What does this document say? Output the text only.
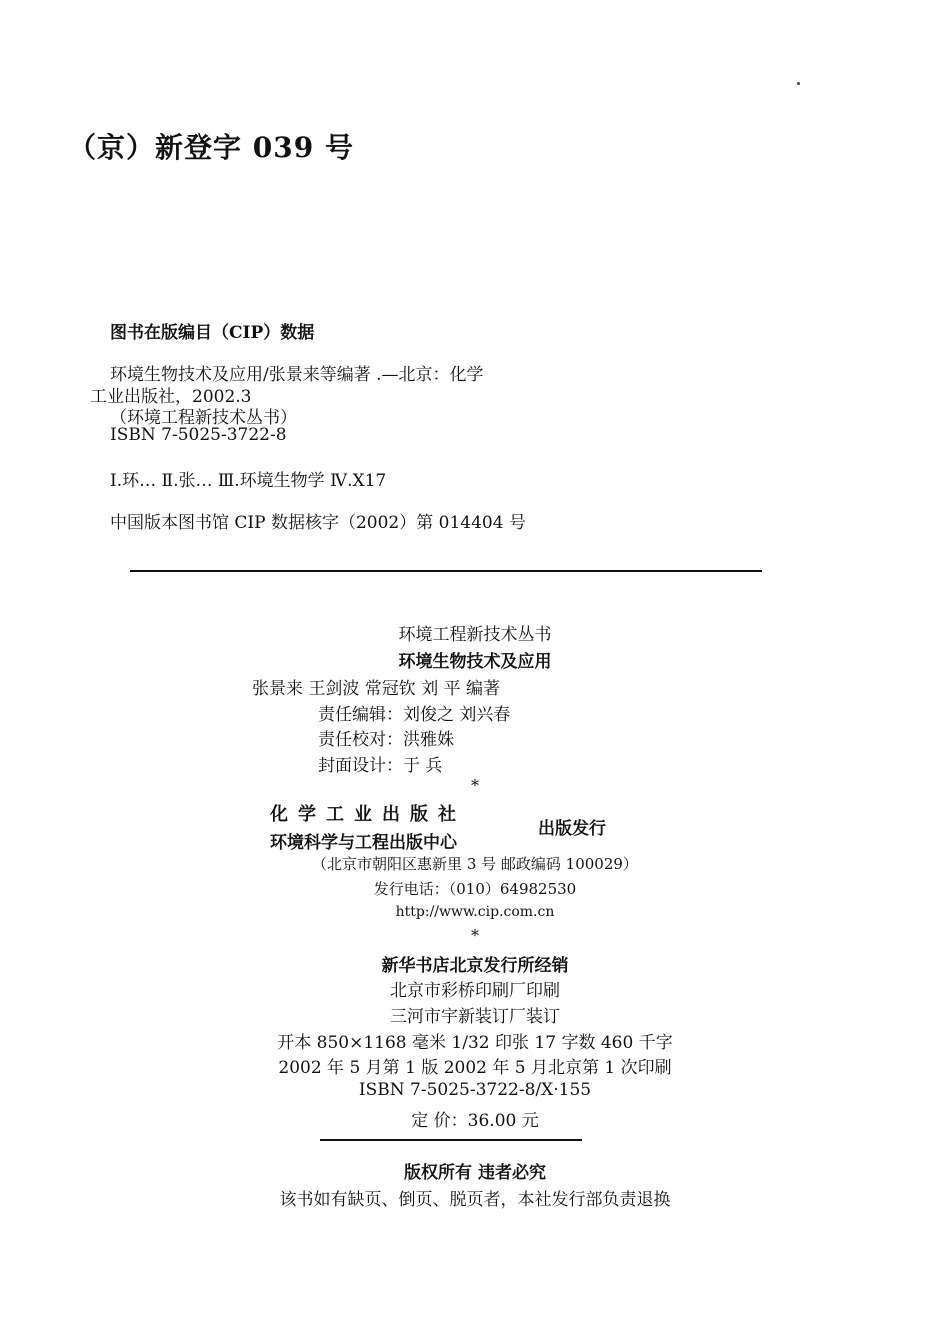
（京）新登字 039 号
图书在版编目（CIP）数据
环境生物技术及应用/张景来等编著 .—北京：化学
工业出版社，2002.3
（环境工程新技术丛书）
ISBN 7-5025-3722-8
Ⅰ.环… Ⅱ.张… Ⅲ.环境生物学 Ⅳ.X17
中国版本图书馆 CIP 数据核字（2002）第 014404 号
环境工程新技术丛书
环境生物技术及应用
张景来 王剑波 常冠钦 刘 平 编著
责任编辑：刘俊之 刘兴春
责任校对：洪雅姝
封面设计：于 兵
*
化学工业出版社
环境科学与工程出版中心
出版发行
（北京市朝阳区惠新里 3 号 邮政编码 100029）
发行电话：（010）64982530
http://www.cip.com.cn
*
新华书店北京发行所经销
北京市彩桥印刷厂印刷
三河市宇新装订厂装订
开本 850×1168 毫米 1/32 印张 17 字数 460 千字
2002 年 5 月第 1 版 2002 年 5 月北京第 1 次印刷
ISBN 7-5025-3722-8/X·155
定 价：36.00 元
版权所有 违者必究
该书如有缺页、倒页、脱页者，本社发行部负责退换
